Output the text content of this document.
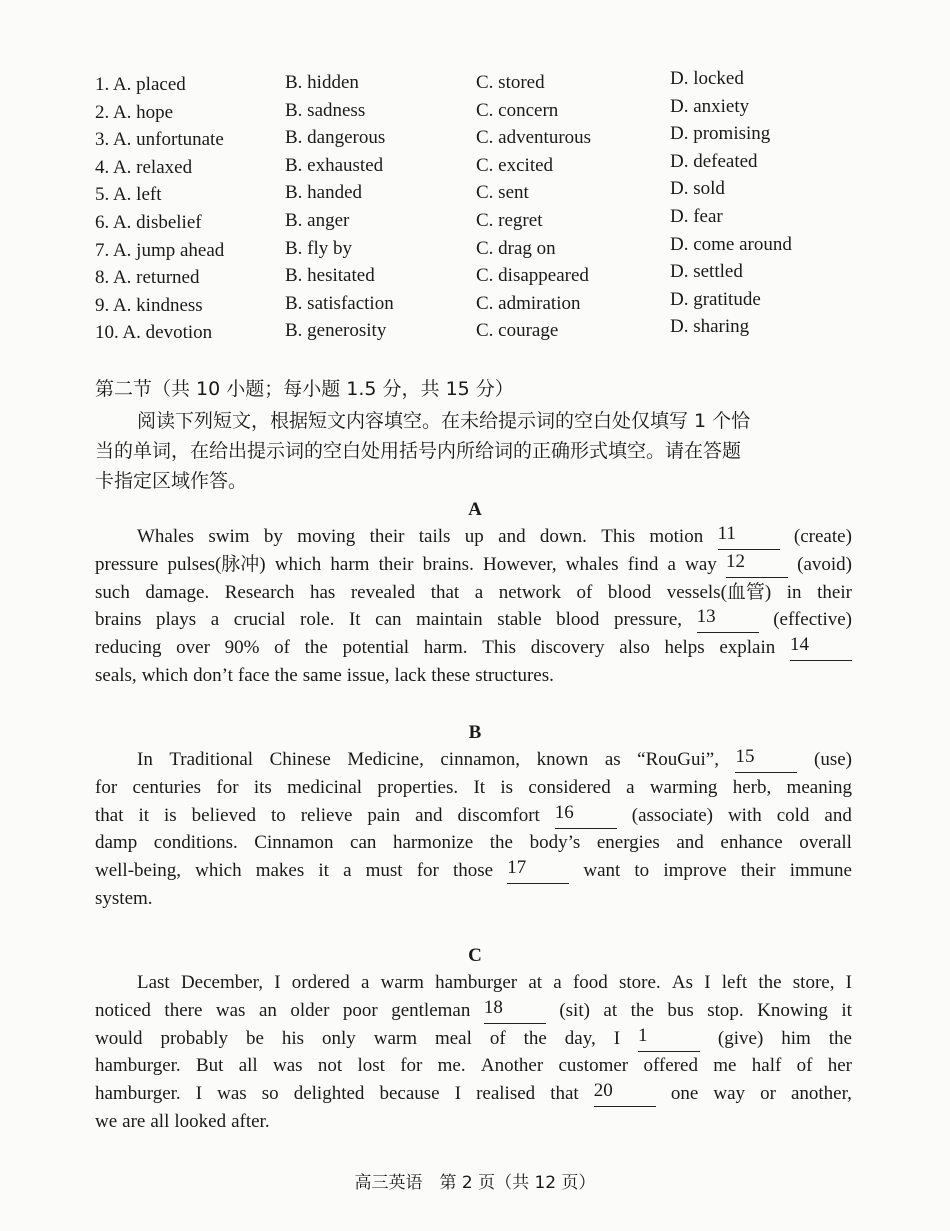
1. A. placed	B. hidden	C. stored	D. locked
2. A. hope	B. sadness	C. concern	D. anxiety
3. A. unfortunate	B. dangerous	C. adventurous	D. promising
4. A. relaxed	B. exhausted	C. excited	D. defeated
5. A. left	B. handed	C. sent	D. sold
6. A. disbelief	B. anger	C. regret	D. fear
7. A. jump ahead	B. fly by	C. drag on	D. come around
8. A. returned	B. hesitated	C. disappeared	D. settled
9. A. kindness	B. satisfaction	C. admiration	D. gratitude
10. A. devotion	B. generosity	C. courage	D. sharing
第二节（共 10 小题；每小题 1.5 分，共 15 分）
阅读下列短文，根据短文内容填空。在未给提示词的空白处仅填写 1 个恰
当的单词，在给出提示词的空白处用括号内所给词的正确形式填空。请在答题
卡指定区域作答。
A
Whales swim by moving their tails up and down. This motion 11	(create)
pressure pulses(脉冲) which harm their brains. However, whales find a way 12	(avoid)
such damage. Research has revealed that a network of blood vessels(血管) in their
brains plays a crucial role. It can maintain stable blood pressure, 13	(effective)
reducing over 90% of the potential harm. This discovery also helps explain 14
seals, which don’t face the same issue, lack these structures.
B
In Traditional Chinese Medicine, cinnamon, known as “RouGui”, 15	(use)
for centuries for its medicinal properties. It is considered a warming herb, meaning
that it is believed to relieve pain and discomfort 16	(associate) with cold and
damp conditions. Cinnamon can harmonize the body’s energies and enhance overall
well-being, which makes it a must for those 17	want to improve their immune
system.
C
Last December, I ordered a warm hamburger at a food store. As I left the store, I
noticed there was an older poor gentleman 18	(sit) at the bus stop. Knowing it
would probably be his only warm meal of the day, I 1	(give) him the
hamburger. But all was not lost for me. Another customer offered me half of her
hamburger. I was so delighted because I realised that 20	one way or another,
we are all looked after.
高三英语　第 2 页（共 12 页）
